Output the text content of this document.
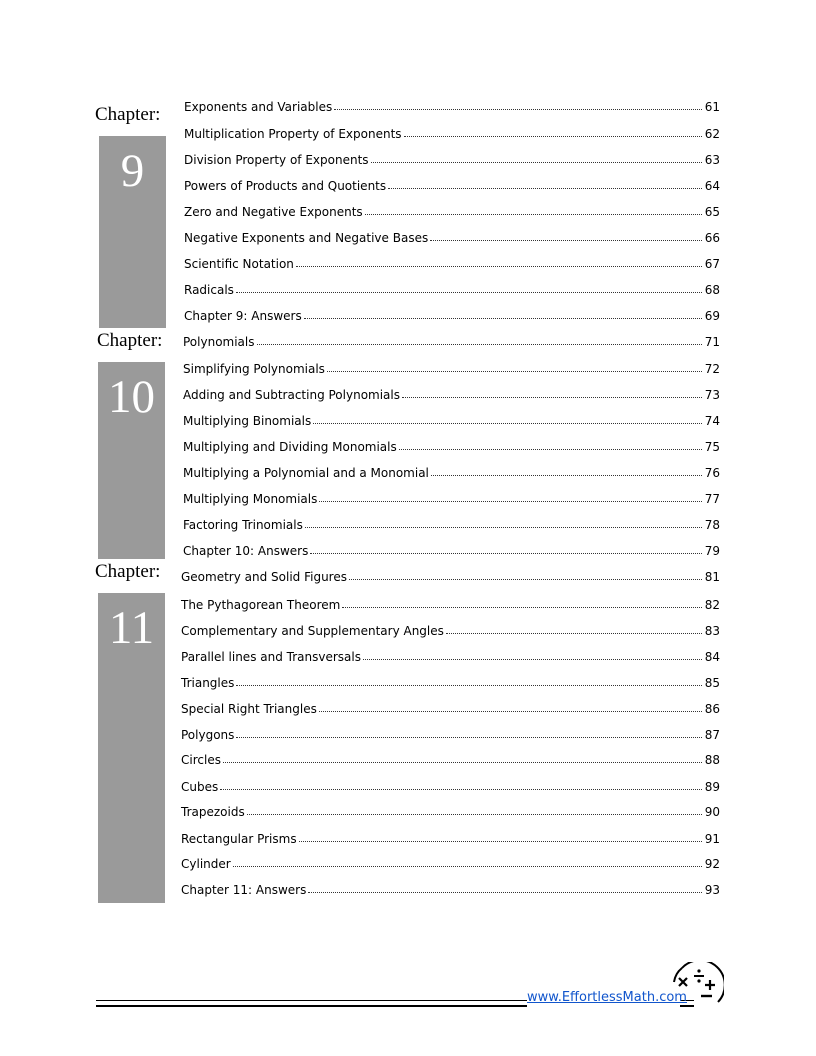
Chapter:
9
Exponents and Variables	61
Multiplication Property of Exponents	62
Division Property of Exponents	63
Powers of Products and Quotients	64
Zero and Negative Exponents	65
Negative Exponents and Negative Bases	66
Scientific Notation	67
Radicals	68
Chapter 9: Answers	69
Chapter:
10
Polynomials	71
Simplifying Polynomials	72
Adding and Subtracting Polynomials	73
Multiplying Binomials	74
Multiplying and Dividing Monomials	75
Multiplying a Polynomial and a Monomial	76
Multiplying Monomials	77
Factoring Trinomials	78
Chapter 10: Answers	79
Chapter:
11
Geometry and Solid Figures	81
The Pythagorean Theorem	82
Complementary and Supplementary Angles	83
Parallel lines and Transversals	84
Triangles	85
Special Right Triangles	86
Polygons	87
Circles	88
Cubes	89
Trapezoids	90
Rectangular Prisms	91
Cylinder	92
Chapter 11: Answers	93
www.EffortlessMath.com
